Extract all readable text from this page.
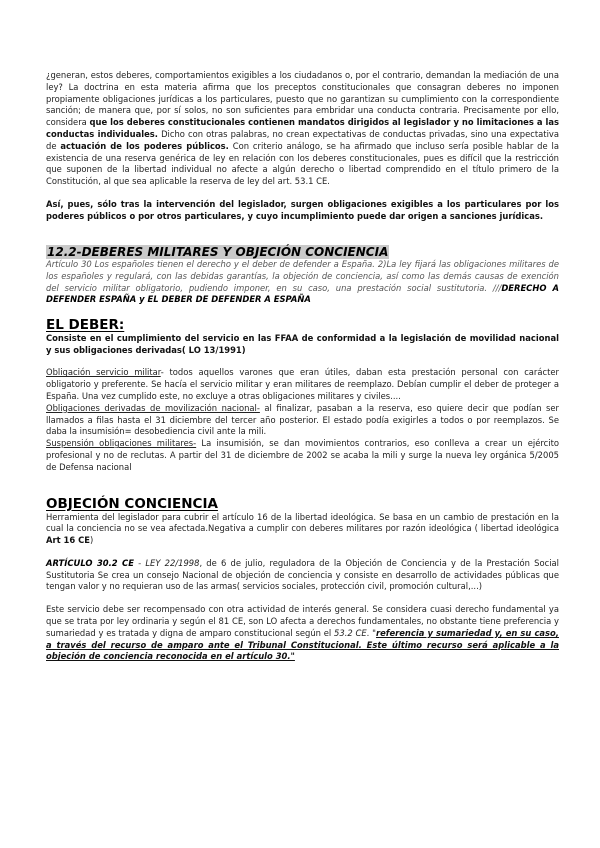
¿generan, estos deberes, comportamientos exigibles a los ciudadanos o, por el contrario, demandan la mediación de una ley? La doctrina en esta materia afirma que los preceptos constitucionales que consagran deberes no imponen propiamente obligaciones jurídicas a los particulares, puesto que no garantizan su cumplimiento con la correspondiente sanción; de manera que, por sí solos, no son suficientes para embridar una conducta contraria. Precisamente por ello, considera que los deberes constitucionales contienen mandatos dirigidos al legislador y no limitaciones a las conductas individuales. Dicho con otras palabras, no crean expectativas de conductas privadas, sino una expectativa de actuación de los poderes públicos. Con criterio análogo, se ha afirmado que incluso sería posible hablar de la existencia de una reserva genérica de ley en relación con los deberes constitucionales, pues es difícil que la restricción que suponen de la libertad individual no afecte a algún derecho o libertad comprendido en el título primero de la Constitución, al que sea aplicable la reserva de ley del art. 53.1 CE.

Así, pues, sólo tras la intervención del legislador, surgen obligaciones exigibles a los particulares por los poderes públicos o por otros particulares, y cuyo incumplimiento puede dar origen a sanciones jurídicas.

12.2-DEBERES MILITARES Y OBJECIÓN CONCIENCIA

Artículo 30 Los españoles tienen el derecho y el deber de defender a España. 2)La ley fijará las obligaciones militares de los españoles y regulará, con las debidas garantías, la objeción de conciencia, así como las demás causas de exención del servicio militar obligatorio, pudiendo imponer, en su caso, una prestación social sustitutoria. ///DERECHO A DEFENDER ESPAÑA y EL DEBER DE DEFENDER A ESPAÑA

EL DEBER:

Consiste en el cumplimiento del servicio en las FFAA de conformidad a la legislación de movilidad nacional y sus obligaciones derivadas( LO 13/1991)

Obligación servicio militar- todos aquellos varones que eran útiles, daban esta prestación personal con carácter obligatorio y preferente. Se hacía el servicio militar y eran militares de reemplazo. Debían cumplir el deber de proteger a España. Una vez cumplido este, no excluye a otras obligaciones militares y civiles....

Obligaciones derivadas de movilización nacional- al finalizar, pasaban a la reserva, eso quiere decir que podían ser llamados a filas hasta el 31 diciembre del tercer año posterior. El estado podía exigirles a todos o por reemplazos. Se daba la insumisión= desobediencia civil ante la mili.

Suspensión obligaciones militares- La insumisión, se dan movimientos contrarios, eso conlleva a crear un ejército profesional y no de reclutas. A partir del 31 de diciembre de 2002 se acaba la mili y surge la nueva ley orgánica 5/2005 de Defensa nacional

OBJECIÓN CONCIENCIA

Herramienta del legislador para cubrir el artículo 16 de la libertad ideológica. Se basa en un cambio de prestación en la cual la conciencia no se vea afectada.Negativa a cumplir con deberes militares por razón ideológica ( libertad ideológica Art 16 CE)

ARTÍCULO 30.2 CE - LEY 22/1998, de 6 de julio, reguladora de la Objeción de Conciencia y de la Prestación Social Sustitutoria Se crea un consejo Nacional de objeción de conciencia y consiste en desarrollo de actividades públicas que tengan valor y no requieran uso de las armas( servicios sociales, protección civil, promoción cultural,...)

Este servicio debe ser recompensado con otra actividad de interés general. Se considera cuasi derecho fundamental ya que se trata por ley ordinaria y según el 81 CE, son LO afecta a derechos fundamentales, no obstante tiene preferencia y sumariedad y es tratada y digna de amparo constitucional según el 53.2 CE. "referencia y sumariedad y, en su caso, a través del recurso de amparo ante el Tribunal Constitucional. Este último recurso será aplicable a la objeción de conciencia reconocida en el artículo 30."
